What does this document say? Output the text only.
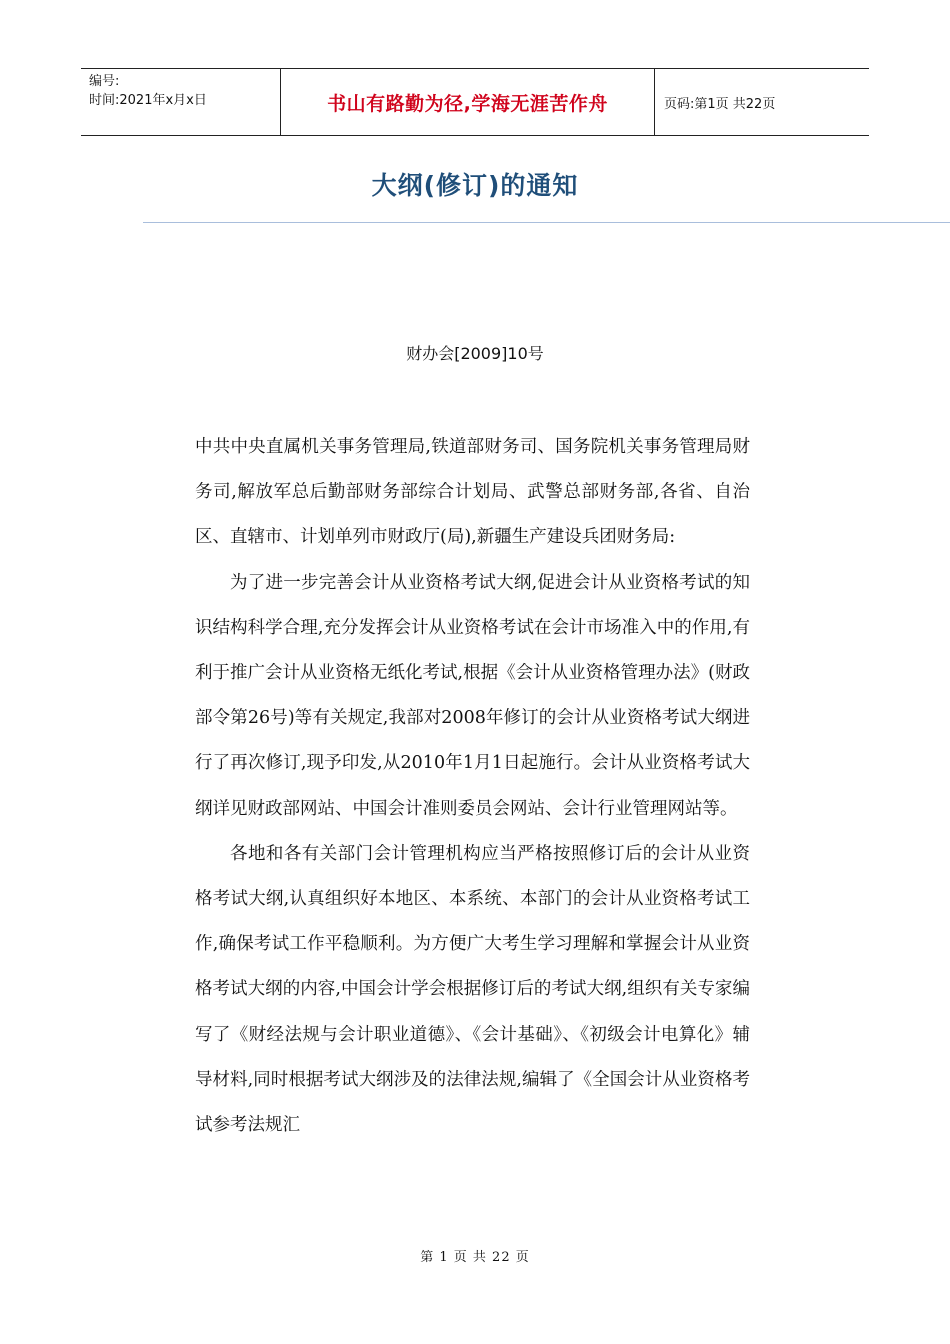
编号:
时间:2021年x月x日	书山有路勤为径,学海无涯苦作舟	页码:第1页 共22页
大纲(修订)的通知
财办会[2009]10号

中共中央直属机关事务管理局,铁道部财务司、国务院机关事务管理局财务司,解放军总后勤部财务部综合计划局、武警总部财务部,各省、自治区、直辖市、计划单列市财政厅(局),新疆生产建设兵团财务局:

为了进一步完善会计从业资格考试大纲,促进会计从业资格考试的知识结构科学合理,充分发挥会计从业资格考试在会计市场准入中的作用,有利于推广会计从业资格无纸化考试,根据《会计从业资格管理办法》(财政部令第26号)等有关规定,我部对2008年修订的会计从业资格考试大纲进行了再次修订,现予印发,从2010年1月1日起施行。会计从业资格考试大纲详见财政部网站、中国会计准则委员会网站、会计行业管理网站等。

各地和各有关部门会计管理机构应当严格按照修订后的会计从业资格考试大纲,认真组织好本地区、本系统、本部门的会计从业资格考试工作,确保考试工作平稳顺利。为方便广大考生学习理解和掌握会计从业资格考试大纲的内容,中国会计学会根据修订后的考试大纲,组织有关专家编写了《财经法规与会计职业道德》、《会计基础》、《初级会计电算化》辅导材料,同时根据考试大纲涉及的法律法规,编辑了《全国会计从业资格考试参考法规汇

第 1 页 共 22 页
